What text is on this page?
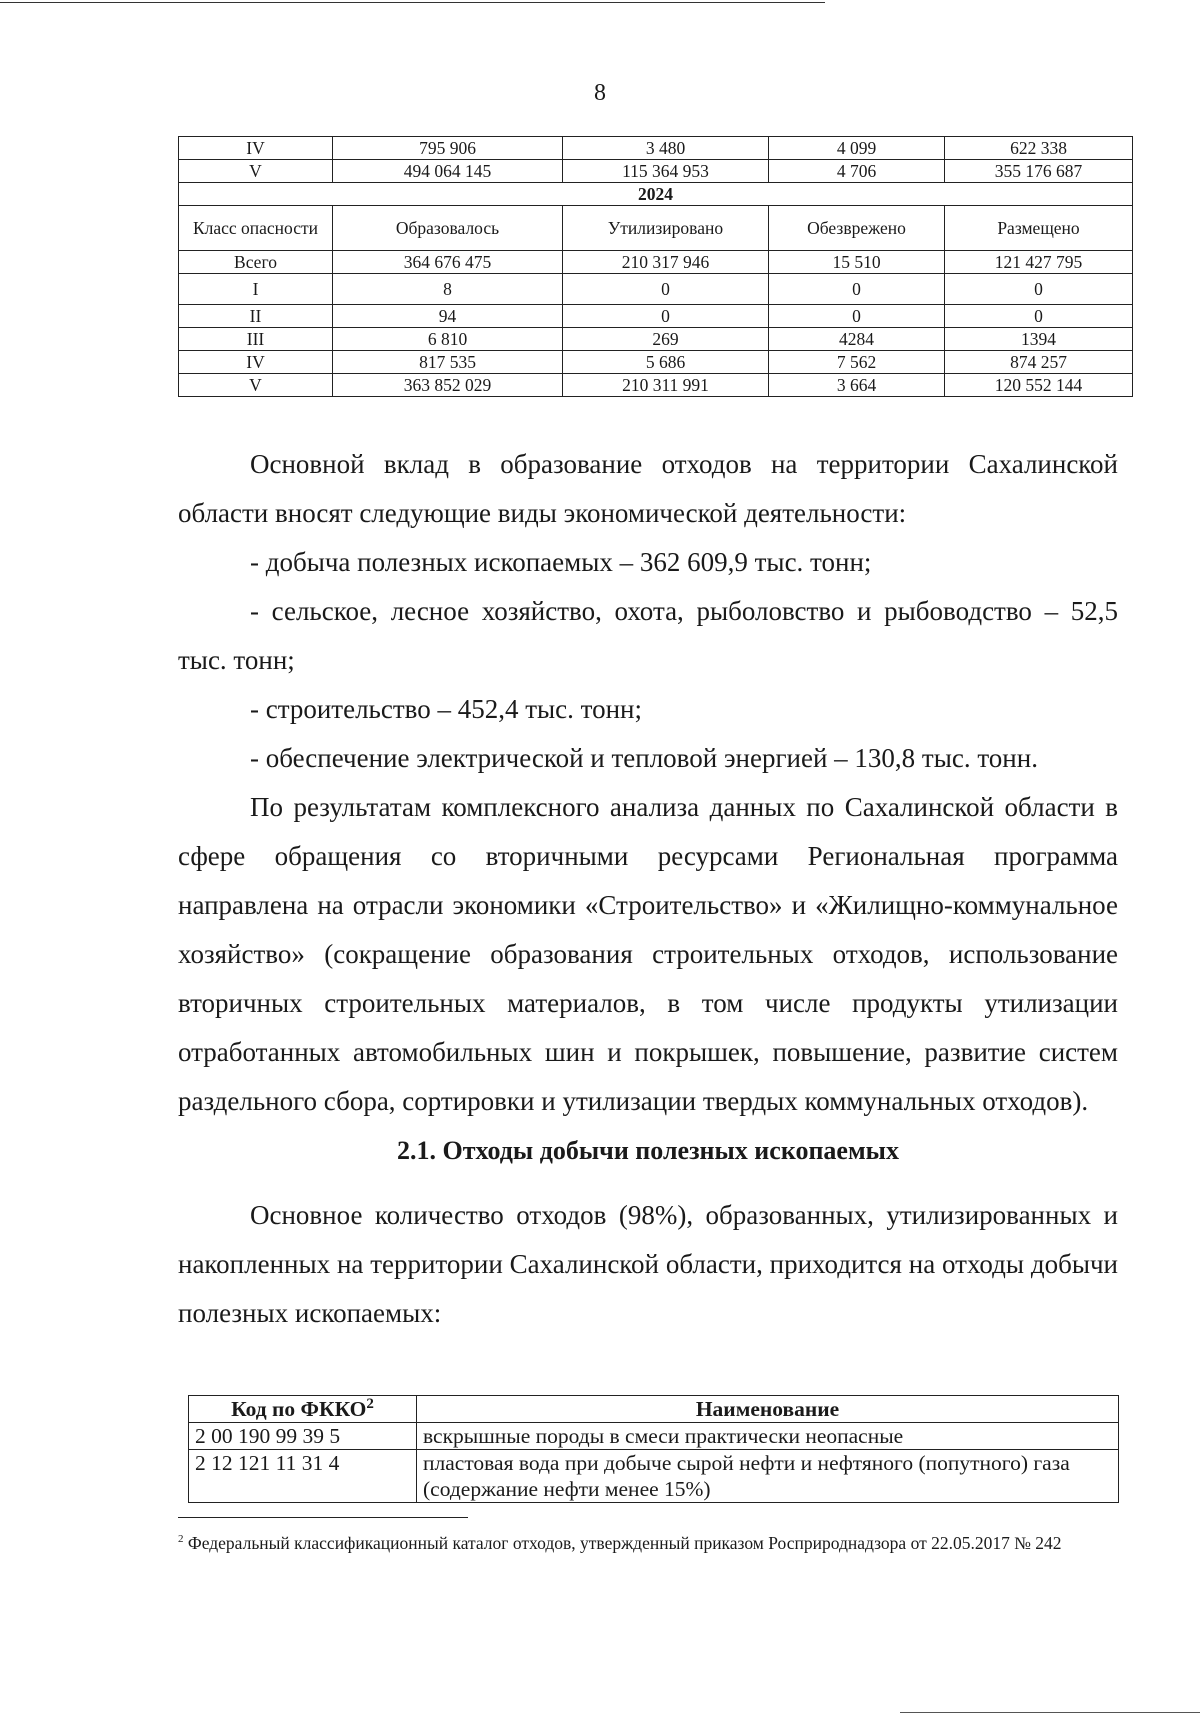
8
IV	795 906	3 480	4 099	622 338
V	494 064 145	115 364 953	4 706	355 176 687
2024				
Класс опасности	Образовалось	Утилизировано	Обезврежено	Размещено
Всего	364 676 475	210 317 946	15 510	121 427 795
I	8	0	0	0
II	94	0	0	0
III	6 810	269	4284	1394
IV	817 535	5 686	7 562	874 257
V	363 852 029	210 311 991	3 664	120 552 144

Основной вклад в образование отходов на территории Сахалинской области вносят следующие виды экономической деятельности:

- добыча полезных ископаемых – 362 609,9 тыс. тонн;

- сельское, лесное хозяйство, охота, рыболовство и рыбоводство – 52,5 тыс. тонн;

- строительство – 452,4 тыс. тонн;

- обеспечение электрической и тепловой энергией – 130,8 тыс. тонн.

По результатам комплексного анализа данных по Сахалинской области в сфере обращения со вторичными ресурсами Региональная программа направлена на отрасли экономики «Строительство» и «Жилищно-коммунальное хозяйство» (сокращение образования строительных отходов, использование вторичных строительных материалов, в том числе продукты утилизации отработанных автомобильных шин и покрышек, повышение, развитие систем раздельного сбора, сортировки и утилизации твердых коммунальных отходов).

2.1. Отходы добычи полезных ископаемых

Основное количество отходов (98%), образованных, утилизированных и накопленных на территории Сахалинской области, приходится на отходы добычи полезных ископаемых:

Код по ФККО$^2$	Наименование
2 00 190 99 39 5	вскрышные породы в смеси практически неопасные
2 12 121 11 31 4	пластовая вода при добыче сырой нефти и нефтяного (попутного) газа (содержание нефти менее 15%)
$^2$ Федеральный классификационный каталог отходов, утвержденный приказом Росприроднадзора от 22.05.2017 № 242
